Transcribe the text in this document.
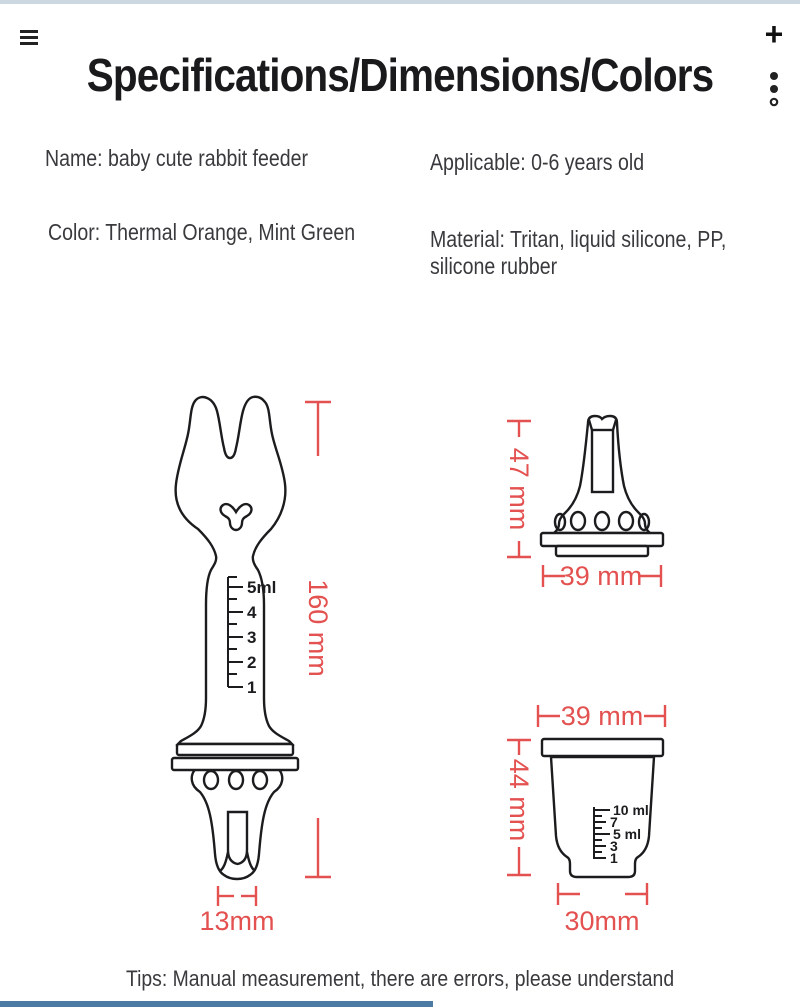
Specifications/Dimensions/Colors
+
Name: baby cute rabbit feeder	Applicable: 0-6 years old
Color: Thermal Orange, Mint Green	Material: Tritan, liquid silicone, PP,
silicone rubber
5ml
4
3
2
1
160 mm
13mm
47 mm
39 mm
39 mm
10 ml
7
5 ml
3
1
44 mm
30mm
Tips: Manual measurement, there are errors, please understand
